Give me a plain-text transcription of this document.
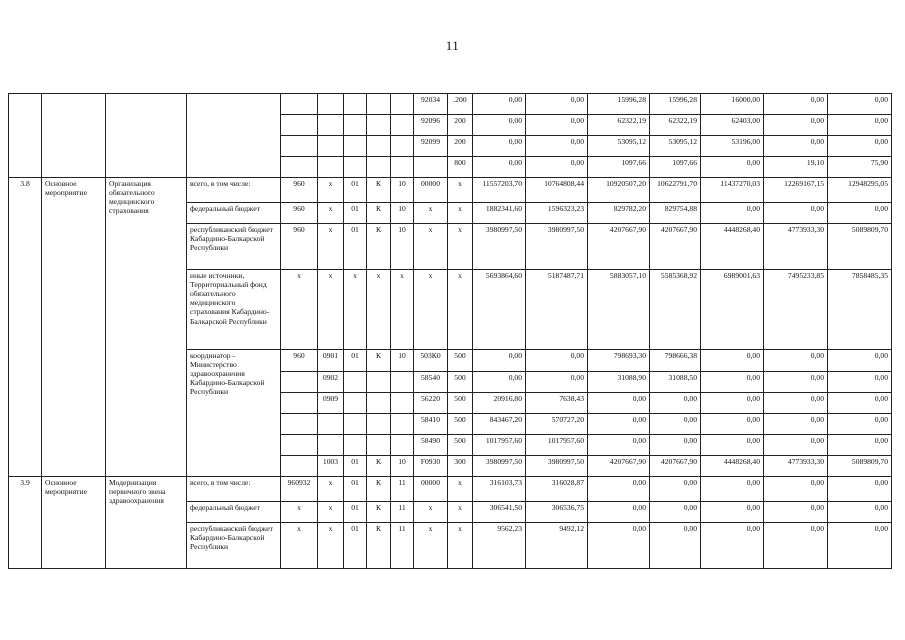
11
									92034	.200	0,00	0,00	15996,28	15996,28	16000,00	0,00	0,00
									92096	200	0,00	0,00	62322,19	62322,19	62403,00	0,00	0,00
									92099	200	0,00	0,00	53095,12	53095,12	53196,00	0,00	0,00
										800	0,00	0,00	1097,66	1097,66	0,00	19,10	75,90
3.8	Основное мероприятие	Организация обязательного медицинского страхования	всего, в том числе:	960	х	01	К	10	00000	х	11557203,70	10764808,44	10920507,20	10622791,70	11437270,03	12269167,15	12948295,05
			федеральный бюджет	960	х	01	К	10	х	х	1882341,60	1596323,23	829782,20	829754,88	0,00	0,00	0,00
			республиканский бюджет Кабардино-Балкарской Республики	960	х	01	К	10	х	х	3980997,50	3980997,50	4207667,90	4207667,90	4448268,40	4773933,30	5089809,70
			иные источники, Территориальный фонд обязательного медицинского страхования Кабардино-Балкарской Республики	х	х	х	х	х	х	х	5693864,60	5187487,71	5883057,10	5585368,92	6989001,63	7495233,85	7858485,35
			координатор - Министерство здравоохранения Кабардино-Балкарской Республики	960	0901	01	К	10	503К0	500	0,00	0,00	798693,30	798666,38	0,00	0,00	0,00
					0902				58540	500	0,00	0,00	31088,90	31088,50	0,00	0,00	0,00
					0909				56220	500	20916,80	7638,43	0,00	0,00	0,00	0,00	0,00
									58410	500	843467,20	570727,20	0,00	0,00	0,00	0,00	0,00
									58490	500	1017957,60	1017957,60	0,00	0,00	0,00	0,00	0,00
					1003	01	К	10	F0930	300	3980997,50	3980997,50	4207667,90	4207667,90	4448268,40	4773933,30	5089809,70
3.9	Основное мероприятие	Модернизация первичного звена здравоохранения	всего, в том числе:	960932	х	01	К	11	00000	х	316103,73	316028,87	0,00	0,00	0,00	0,00	0,00
			федеральный бюджет	х	х	01	К	11	х	х	306541,50	306536,75	0,00	0,00	0,00	0,00	0,00
			республиканский бюджет Кабардино-Балкарской Республики	х	х	01	К	11	х	х	9562,23	9492,12	0,00	0,00	0,00	0,00	0,00
